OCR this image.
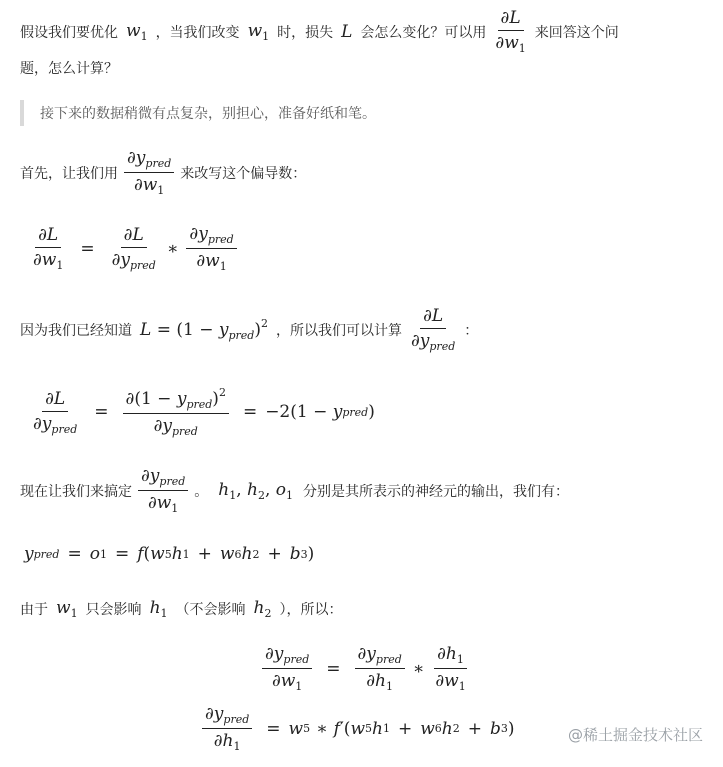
假设我们要优化 $w_1$ ，当我们改变 $w_1$ 时，损失 L 会怎么变化？可以用 $\frac{\partial L}{\partial w_1}$ 来回答这个问
题，怎么计算？
接下来的数据稍微有点复杂，别担心，准备好纸和笔。
首先，让我们用 $\frac{\partial y_{pred}}{\partial w_1}$ 来改写这个偏导数：
$\frac{\partial L}{\partial w_1} = \frac{\partial L}{\partial y_{pred}}$ ∗ $\frac{\partial y_{pred}}{\partial w_1}$
因为我们已经知道 $L = (1 - y_{pred})^2$ ，所以我们可以计算 $\frac{\partial L}{\partial y_{pred}}$ ：
$\frac{\partial L}{\partial y_{pred}} = \frac{\partial(1 - y_{pred})^2}{\partial y_{pred}} = -2(1 - y$ pred )
现在让我们来搞定 $\frac{\partial y_{pred}}{\partial w_1}$ 。 $h_1$, $h_2$, $o_1$ 分别是其所表示的神经元的输出，我们有：
y pred = o 1 = f ( w 5 h 1 + w 6 h 2 + b 3 )
由于 $w_1$ 只会影响 $h_1$ （不会影响 $h_2$ ），所以：
$\frac{\partial y_{pred}}{\partial w_1} = \frac{\partial y_{pred}}{\partial h_1}$ ∗ $\frac{\partial h_1}{\partial w_1}$
$\frac{\partial y_{pred}}{\partial h_1} = w$ 5 ∗ f ′( w 5 h 1 + w 6 h 2 + b 3 )	@稀土掘金技术社区
